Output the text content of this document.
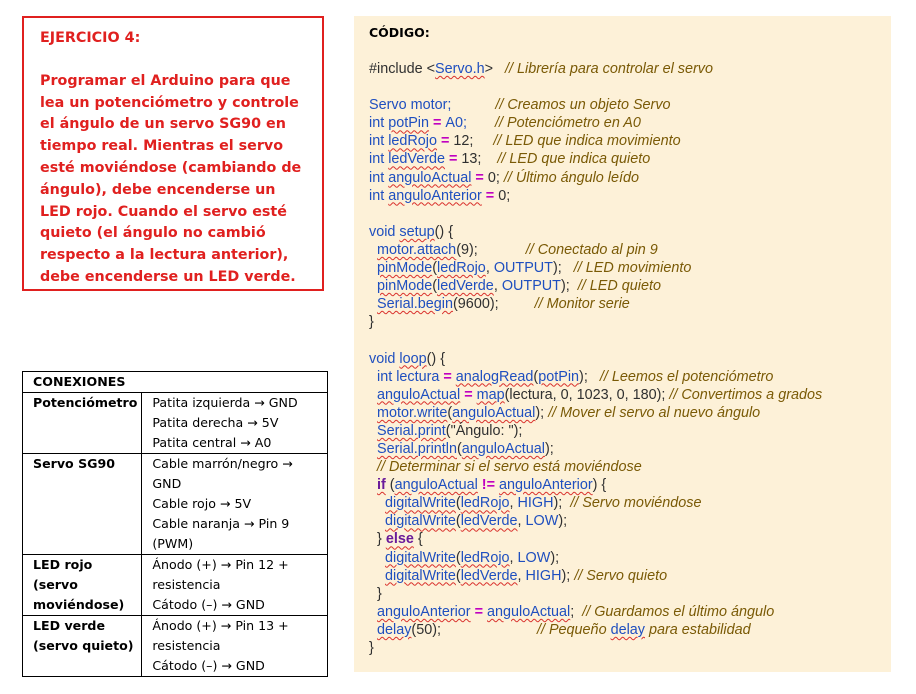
EJERCICIO 4:
Programar el Arduino para que lea un potenciómetro y controle el ángulo de un servo SG90 en tiempo real. Mientras el servo esté moviéndose (cambiando de ángulo), debe encenderse un LED rojo. Cuando el servo esté quieto (el ángulo no cambió respecto a la lectura anterior), debe encenderse un LED verde.
CONEXIONES	
Potenciómetro	Patita izquierda → GND
Patita derecha → 5V
Patita central → A0

Servo SG90	Cable marrón/negro → GND
Cable rojo → 5V
Cable naranja → Pin 9 (PWM)

LED rojo (servo moviéndose)	Ánodo (+) → Pin 12 + resistencia
Cátodo (–) → GND

LED verde (servo quieto)	Ánodo (+) → Pin 13 + resistencia
Cátodo (–) → GND
CÓDIGO:
#include <Servo.h>   // Librería para controlar el servo
Servo motor;	// Creamos un objeto Servo
int potPin = A0; // Potenciómetro en A0
int ledRojo = 12;     // LED que indica movimiento
int ledVerde = 13;    // LED que indica quieto
int anguloActual = 0; // Último ángulo leído
int anguloAnterior = 0;
void setup() {
motor.attach(9);            // Conectado al pin 9
pinMode(ledRojo, OUTPUT);   // LED movimiento
pinMode(ledVerde, OUTPUT);  // LED quieto
Serial.begin(9600);         // Monitor serie
}
void loop() {
int lectura = analogRead(potPin);   // Leemos el potenciómetro
anguloActual = map(lectura, 0, 1023, 0, 180); // Convertimos a grados
motor.write(anguloActual); // Mover el servo al nuevo ángulo
Serial.print("Ángulo: ");
Serial.println(anguloActual);
// Determinar si el servo está moviéndose
if (anguloActual != anguloAnterior) {
digitalWrite(ledRojo, HIGH);  // Servo moviéndose
digitalWrite(ledVerde, LOW);
} else {
digitalWrite(ledRojo, LOW);
digitalWrite(ledVerde, HIGH); // Servo quieto
}
anguloAnterior = anguloActual;  // Guardamos el último ángulo
delay(50);                        // Pequeño delay para estabilidad
}
